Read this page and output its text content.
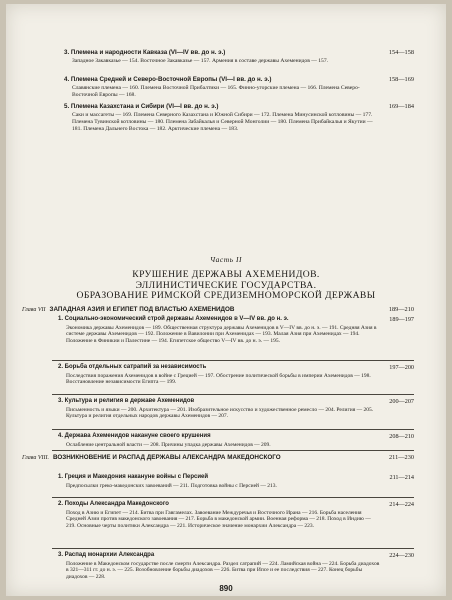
3. Племена и народности Кавказа (VI—IV вв. до н. э.)	154—158
Западное Закавказье — 154. Восточное Закавказье — 157. Армения в составе державы Ахеменидов — 157.
4. Племена Средней и Северо-Восточной Европы (VI—I вв. до н. э.)	158—169
Славянские племена — 160. Племена Восточной Прибалтики — 165. Финно-угорские племена — 166. Племена Северо-Восточной Европы — 168.
5. Племена Казахстана и Сибири (VI—I вв. до н. э.)	169—184
Саки и массагеты — 169. Племена Северного Казахстана и Южной Сибири — 172. Племена Минусинской котловины — 177. Племена Тувинской котловины — 180. Племена Забайкалья и Северной Монголии — 180. Племена Прибайкалья и Якутии — 181. Племена Дальнего Востока — 182. Арктические племена — 183.
Часть II
КРУШЕНИЕ ДЕРЖАВЫ АХЕМЕНИДОВ.
ЭЛЛИНИСТИЧЕСКИЕ ГОСУДАРСТВА.
ОБРАЗОВАНИЕ РИМСКОЙ СРЕДИЗЕМНОМОРСКОЙ ДЕРЖАВЫ
Глава VII ЗАПАДНАЯ АЗИЯ И ЕГИПЕТ ПОД ВЛАСТЬЮ АХЕМЕНИДОВ	189—210
1. Социально-экономический строй державы Ахеменидов в V—IV вв. до н. э.	189—197
Экономика державы Ахеменидов — 189. Общественная структура державы Ахеменидов в V—IV вв. до н. э. — 191. Средняя Азия в системе державы Ахеменидов — 192. Положение в Вавилонии при Ахеменидах — 193. Малая Азия при Ахеменидах — 194. Положение в Финикии и Палестине — 194. Египетское общество V—IV вв. до н. э. — 195.
2. Борьба отдельных сатрапий за независимость	197—200
Последствия поражения Ахеменидов в войне с Грецией — 197. Обострение политической борьбы в империи Ахеменидов — 198. Восстановление независимости Египта — 199.
3. Культура и религия в державе Ахеменидов	200—207
Письменность и языки — 200. Архитектура — 201. Изобразительное искусство и художественное ремесло — 204. Религия — 205. Культура и религия отдельных народов державы Ахеменидов — 207.
4. Держава Ахеменидов накануне своего крушения	208—210
Ослабление центральной власти — 208. Причины упадка державы Ахеменидов — 209.
Глава VIII. ВОЗНИКНОВЕНИЕ И РАСПАД ДЕРЖАВЫ АЛЕКСАНДРА МАКЕДОНСКОГО	211—230
1. Греция и Македония накануне войны с Персией	211—214
Предпосылки греко-македонских завоеваний — 211. Подготовка войны с Персией — 213.
2. Походы Александра Македонского	214—224
Поход в Азию и Египет — 214. Битва при Гавгамелах. Завоевание Междуречья и Восточного Ирана — 216. Борьба населения Средней Азии против македонского завоевания — 217. Борьба в македонской армии. Военная реформа — 218. Поход в Индию — 219. Основные черты политики Александра — 221. Историческое значение монархии Александра — 223.
3. Распад монархии Александра	224—230
Положение в Македонском государстве после смерти Александра. Раздел сатрапий — 224. Ламийская война — 224. Борьба диадохов в 321—311 гг. до н. э. — 225. Возобновление борьбы диадохов — 226. Битва при Ипсе и ее последствия — 227. Конец борьбы диадохов — 228.
890
